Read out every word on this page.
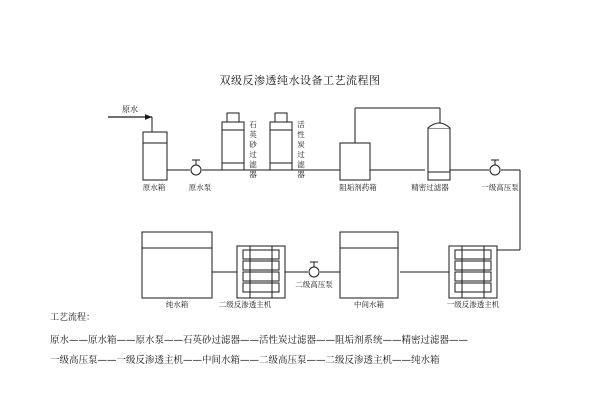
双级反渗透纯水设备工艺流程图
原水
原水箱	原水泵
石英砂过滤器
活性炭过滤器
阻垢剂药箱	精密过滤器	一级高压泵
纯水箱	二级反渗透主机
二级高压泵
中间水箱	一级反渗透主机
工艺流程：
原水——原水箱——原水泵——石英砂过滤器——活性炭过滤器——阻垢剂系统——精密过滤器——
一级高压泵——一级反渗透主机——中间水箱——二级高压泵——二级反渗透主机——纯水箱
